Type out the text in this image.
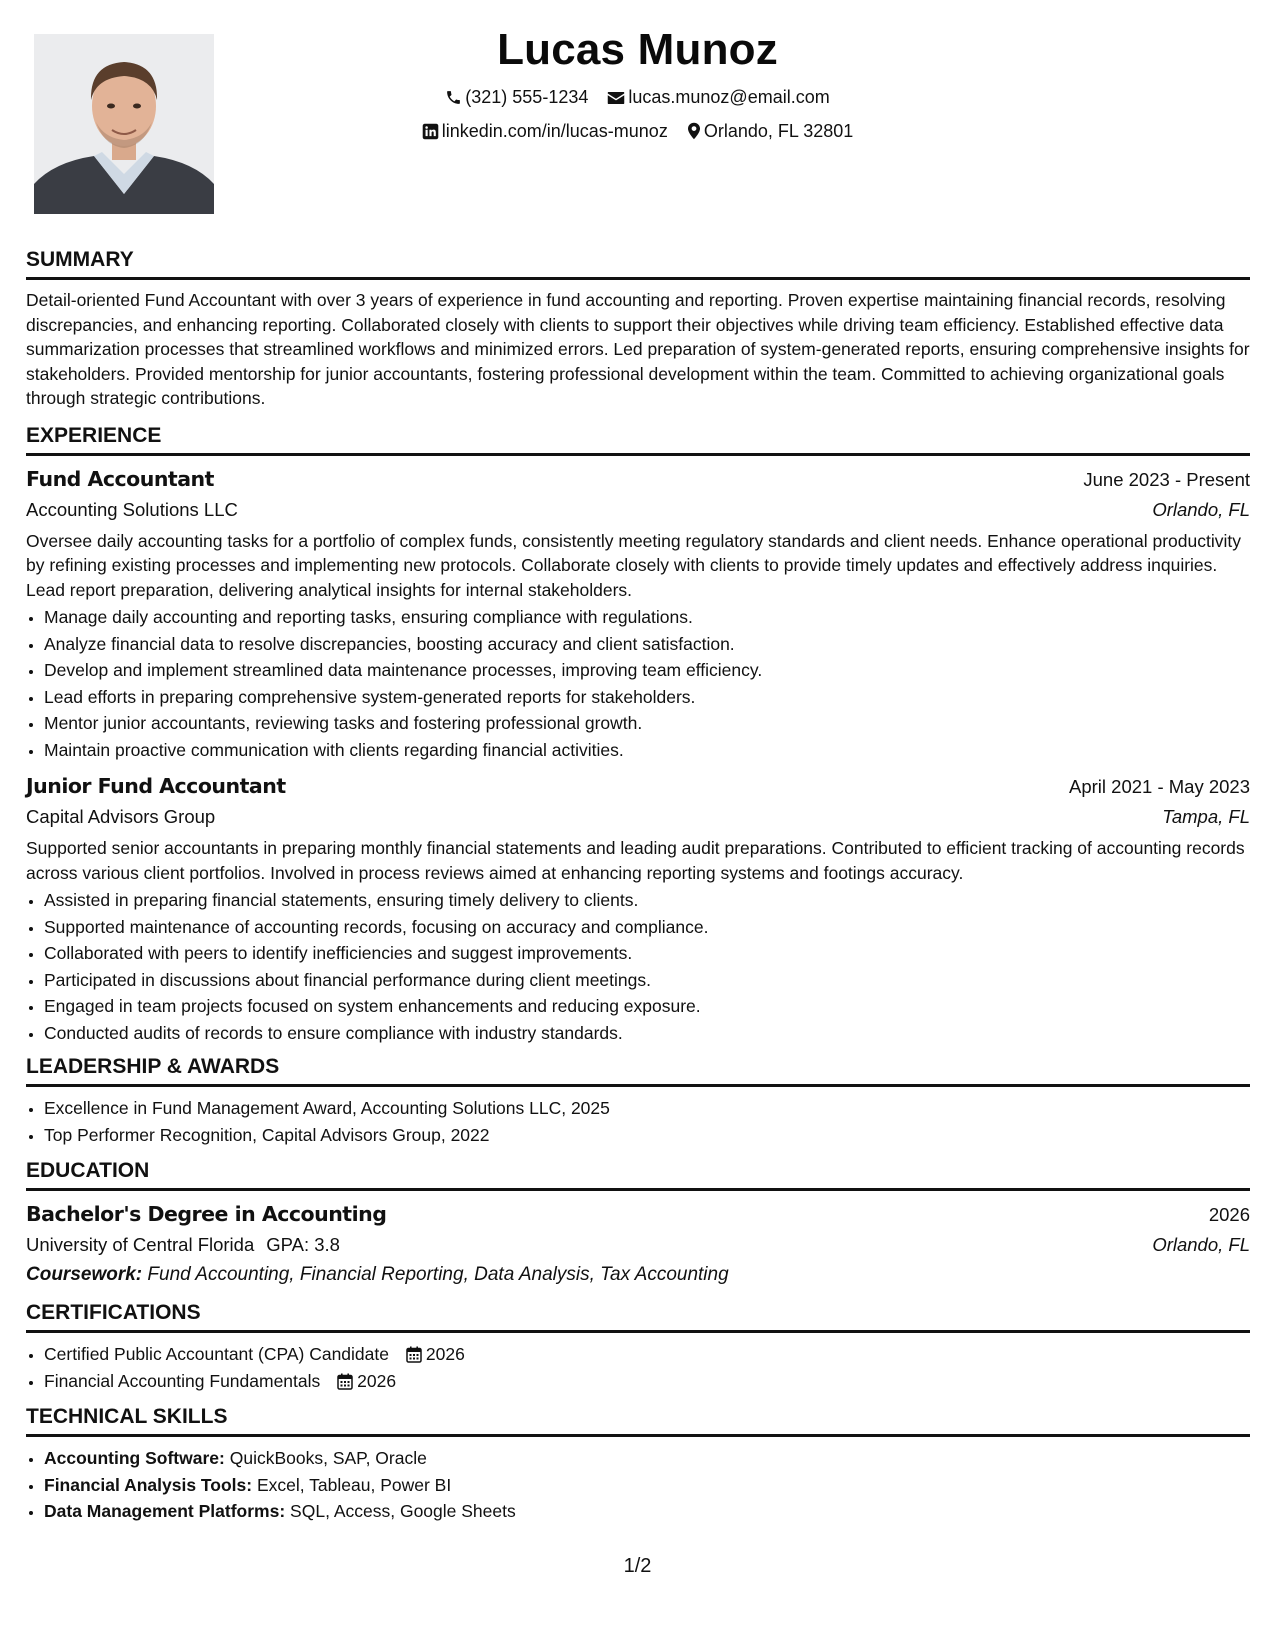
Lucas Munoz
(321) 555-1234 lucas.munoz@email.com
linkedin.com/in/lucas-munoz Orlando, FL 32801
SUMMARY

Detail-oriented Fund Accountant with over 3 years of experience in fund accounting and reporting. Proven expertise maintaining financial records, resolving discrepancies, and enhancing reporting. Collaborated closely with clients to support their objectives while driving team efficiency. Established effective data summarization processes that streamlined workflows and minimized errors. Led preparation of system-generated reports, ensuring comprehensive insights for stakeholders. Provided mentorship for junior accountants, fostering professional development within the team. Committed to achieving organizational goals through strategic contributions.

EXPERIENCE
Fund Accountant	June 2023 - Present
Accounting Solutions LLC	Orlando, FL

Oversee daily accounting tasks for a portfolio of complex funds, consistently meeting regulatory standards and client needs. Enhance operational productivity by refining existing processes and implementing new protocols. Collaborate closely with clients to provide timely updates and effectively address inquiries. Lead report preparation, delivering analytical insights for internal stakeholders.

• Manage daily accounting and reporting tasks, ensuring compliance with regulations.
• Analyze financial data to resolve discrepancies, boosting accuracy and client satisfaction.
• Develop and implement streamlined data maintenance processes, improving team efficiency.
• Lead efforts in preparing comprehensive system-generated reports for stakeholders.
• Mentor junior accountants, reviewing tasks and fostering professional growth.
• Maintain proactive communication with clients regarding financial activities.
Junior Fund Accountant	April 2021 - May 2023
Capital Advisors Group	Tampa, FL

Supported senior accountants in preparing monthly financial statements and leading audit preparations. Contributed to efficient tracking of accounting records across various client portfolios. Involved in process reviews aimed at enhancing reporting systems and footings accuracy.

• Assisted in preparing financial statements, ensuring timely delivery to clients.
• Supported maintenance of accounting records, focusing on accuracy and compliance.
• Collaborated with peers to identify inefficiencies and suggest improvements.
• Participated in discussions about financial performance during client meetings.
• Engaged in team projects focused on system enhancements and reducing exposure.
• Conducted audits of records to ensure compliance with industry standards.
LEADERSHIP & AWARDS
• Excellence in Fund Management Award, Accounting Solutions LLC, 2025
• Top Performer Recognition, Capital Advisors Group, 2022
EDUCATION
Bachelor's Degree in Accounting	2026
University of Central Florida GPA: 3.8	Orlando, FL
Coursework: Fund Accounting, Financial Reporting, Data Analysis, Tax Accounting
CERTIFICATIONS
• Certified Public Accountant (CPA) Candidate 2026
• Financial Accounting Fundamentals 2026
TECHNICAL SKILLS
• Accounting Software: QuickBooks, SAP, Oracle
• Financial Analysis Tools: Excel, Tableau, Power BI
• Data Management Platforms: SQL, Access, Google Sheets
1/2
